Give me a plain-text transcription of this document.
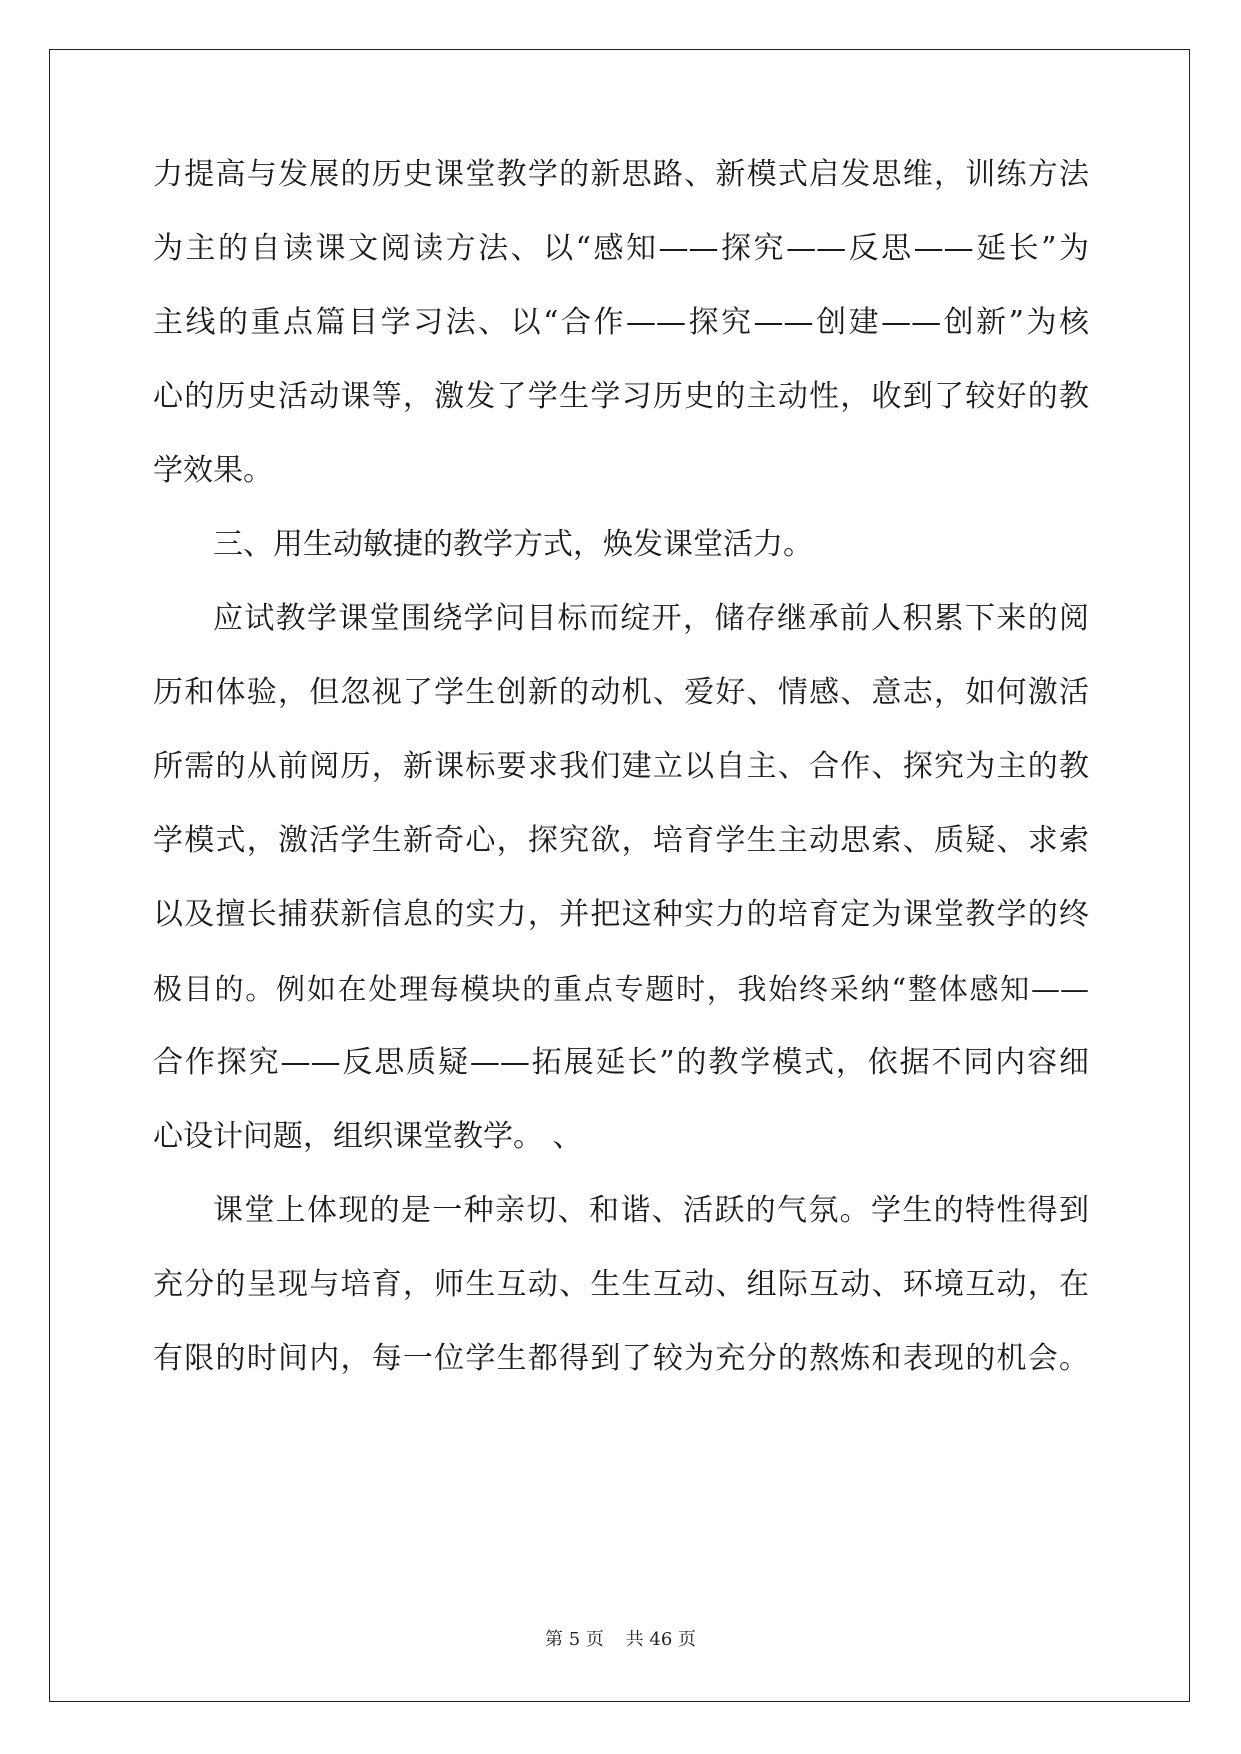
力提高与发展的历史课堂教学的新思路、新模式启发思维，训练方法
为主的自读课文阅读方法、以“感知——探究——反思——延长”为
主线的重点篇目学习法、以“合作——探究——创建——创新”为核
心的历史活动课等，激发了学生学习历史的主动性，收到了较好的教
学效果。
三、用生动敏捷的教学方式，焕发课堂活力。
应试教学课堂围绕学问目标而绽开，储存继承前人积累下来的阅
历和体验，但忽视了学生创新的动机、爱好、情感、意志，如何激活
所需的从前阅历，新课标要求我们建立以自主、合作、探究为主的教
学模式，激活学生新奇心，探究欲，培育学生主动思索、质疑、求索
以及擅长捕获新信息的实力，并把这种实力的培育定为课堂教学的终
极目的。例如在处理每模块的重点专题时，我始终采纳“整体感知——
合作探究——反思质疑——拓展延长”的教学模式，依据不同内容细
心设计问题，组织课堂教学。 、
课堂上体现的是一种亲切、和谐、活跃的气氛。学生的特性得到
充分的呈现与培育，师生互动、生生互动、组际互动、环境互动，在
有限的时间内，每一位学生都得到了较为充分的熬炼和表现的机会。
第 5 页 共 46 页
